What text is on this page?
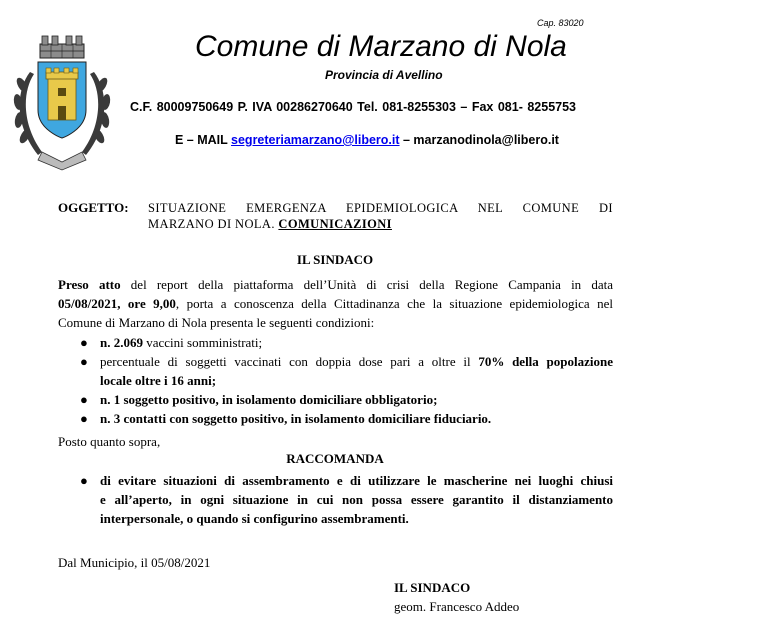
Cap. 83020
Comune di Marzano di Nola
Provincia di Avellino
C.F. 80009750649 P. IVA 00286270640 Tel. 081-8255303 – Fax 081- 8255753
E – MAIL segreteriamarzano@libero.it – marzanodinola@libero.it
OGGETTO: SITUAZIONE EMERGENZA EPIDEMIOLOGICA NEL COMUNE DI
MARZANO DI NOLA. COMUNICAZIONI
IL SINDACO
Preso atto del report della piattaforma dell’Unità di crisi della Regione Campania in data
05/08/2021, ore 9,00, porta a conoscenza della Cittadinanza che la situazione epidemiologica nel
Comune di Marzano di Nola presenta le seguenti condizioni:
● n. 2.069 vaccini somministrati;
● percentuale di soggetti vaccinati con doppia dose pari a oltre il 70% della popolazione
locale oltre i 16 anni;
● n. 1 soggetto positivo, in isolamento domiciliare obbligatorio;
● n. 3 contatti con soggetto positivo, in isolamento domiciliare fiduciario.
Posto quanto sopra,
RACCOMANDA
● di evitare situazioni di assembramento e di utilizzare le mascherine nei luoghi chiusi
e all’aperto, in ogni situazione in cui non possa essere garantito il distanziamento
interpersonale, o quando si configurino assembramenti.
Dal Municipio, il 05/08/2021
IL SINDACO
geom. Francesco Addeo
